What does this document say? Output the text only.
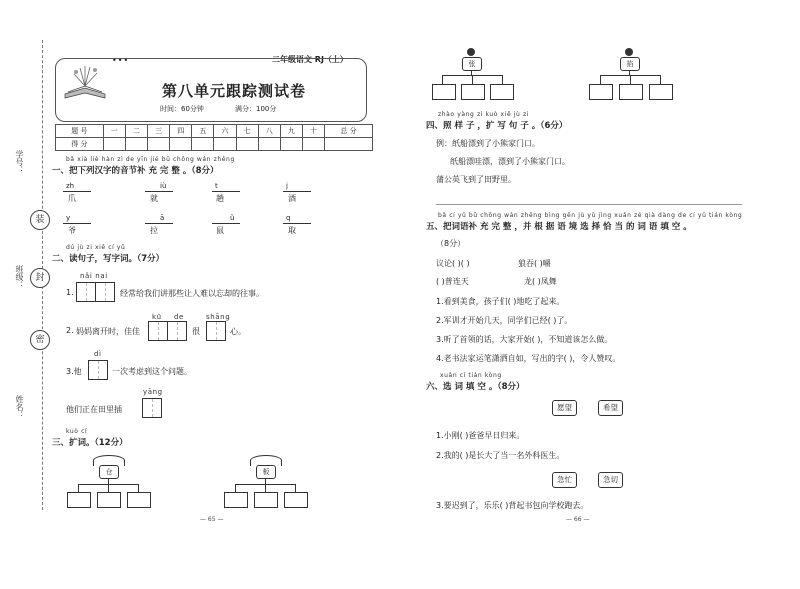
学号：
班级：
姓名：
装
封
密
•••	二年级语文 RJ（上）
第八单元跟踪测试卷
时间：60分钟	满分：100分
题 号	一	二	三	四	五	六	七	八	九	十	总 分
得 分											
bǎ xià liè hàn zì de yīn jié bǔ chōng wán zhěng
一、把下列汉字的音节补 充 完 整 。（8分）
zh
爪
iù
就
t
趟
j
酒
y
爷
ā
拉
ǔ
鼠
q
取
dú jù zi xiě cí yǔ
二、读句子，写字词。（7分）
nǎi nai
1.	经常给我们讲那些让人难以忘却的往事。
kū de	shāng
2. 妈妈离开时，佳佳	很	心。
dì
3.他	一次考虑到这个问题。
yāng
他们正在田里插
kuò cí
三、扩词。（12分）
仓	板
— 65 —
张	掐
zhào yàng zi kuò xiě jù zi
四、照 样 子 ，扩 写 句 子 。（6分）
例：纸船漂到了小熊家门口。
纸船漂哇漂，漂到了小熊家门口。
蒲公英飞到了田野里。
bǎ cí yǔ bǔ chōng wán zhěng bìng gēn jù yǔ jìng xuǎn zé qià dàng de cí yǔ tián kòng
五、把词语补 充 完 整 ，并 根 据 语 境 选 择 恰 当 的 词 语 填 空 。
（8分）
议论( )( )	狼吞( )嚼
( )普连天	龙( )凤舞
1.看到美食，孩子们( )地吃了起来。
2.军训才开始几天，同学们已经( )了。
3.听了首领的话，大家开始( )，不知道该怎么做。
4.老书法家运笔潇洒自如，写出的字( )，令人赞叹。
xuǎn cí tián kòng
六、选 词 填 空 。（8分）
愿望	希望
1.小刚( )爸爸早日归来。
2.我的( )是长大了当一名外科医生。
急忙	急切
3.要迟到了，乐乐( )背起书包向学校跑去。
— 66 —
